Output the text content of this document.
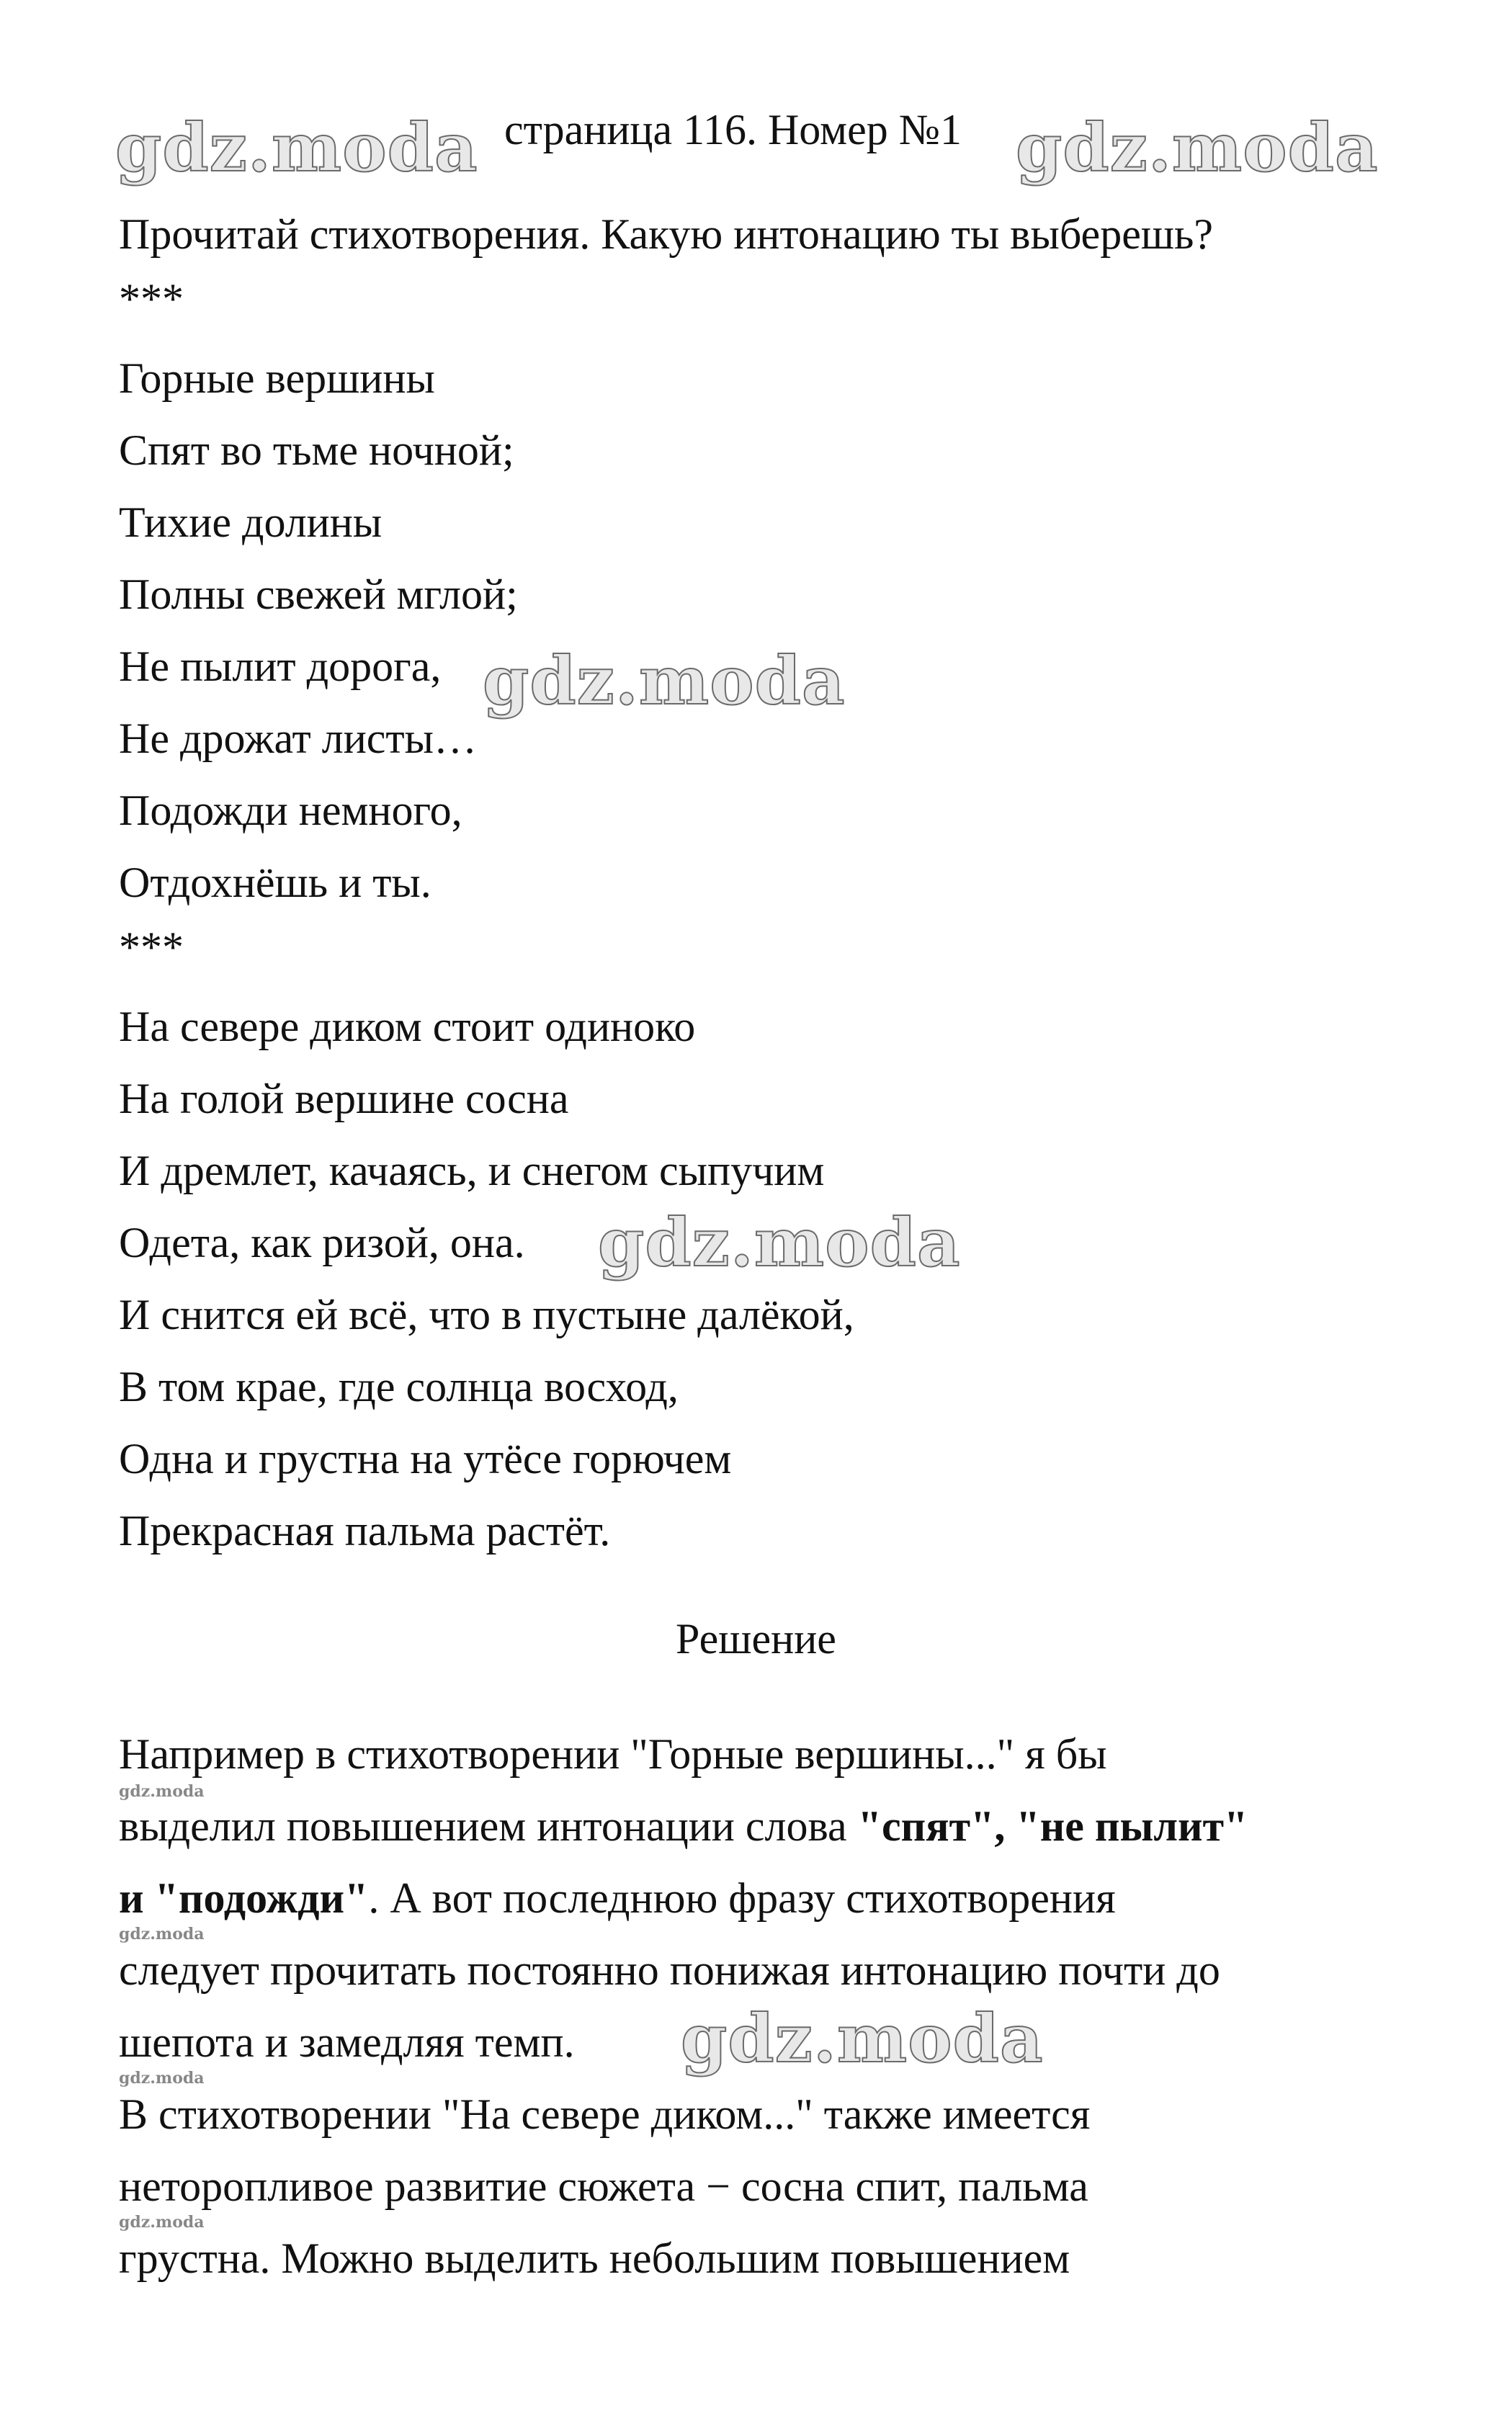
gdz.moda страница 116. Номер №1 gdz.moda
Прочитай стихотворения. Какую интонацию ты выберешь?
***
Горные вершины
Спят во тьме ночной;
Тихие долины
Полны свежей мглой;
Не пылит дорога,
Не дрожат листы…
Подожди немного,
Отдохнёшь и ты.
gdz.moda
***
На севере диком стоит одиноко
На голой вершине сосна
И дремлет, качаясь, и снегом сыпучим
Одета, как ризой, она.
И снится ей всё, что в пустыне далёкой,
В том крае, где солнца восход,
Одна и грустна на утёсе горючем
Прекрасная пальма растёт.
gdz.moda
Решение
Например в стихотворении "Горные вершины..." я бы
gdz.moda
выделил повышением интонации слова "спят", "не пылит"
и "подожди". А вот последнюю фразу стихотворения
gdz.moda
следует прочитать постоянно понижая интонацию почти до
шепота и замедляя темп.
gdz.moda
gdz.moda
В стихотворении "На севере диком..." также имеется
неторопливое развитие сюжета − сосна спит, пальма
gdz.moda
грустна. Можно выделить небольшим повышением
